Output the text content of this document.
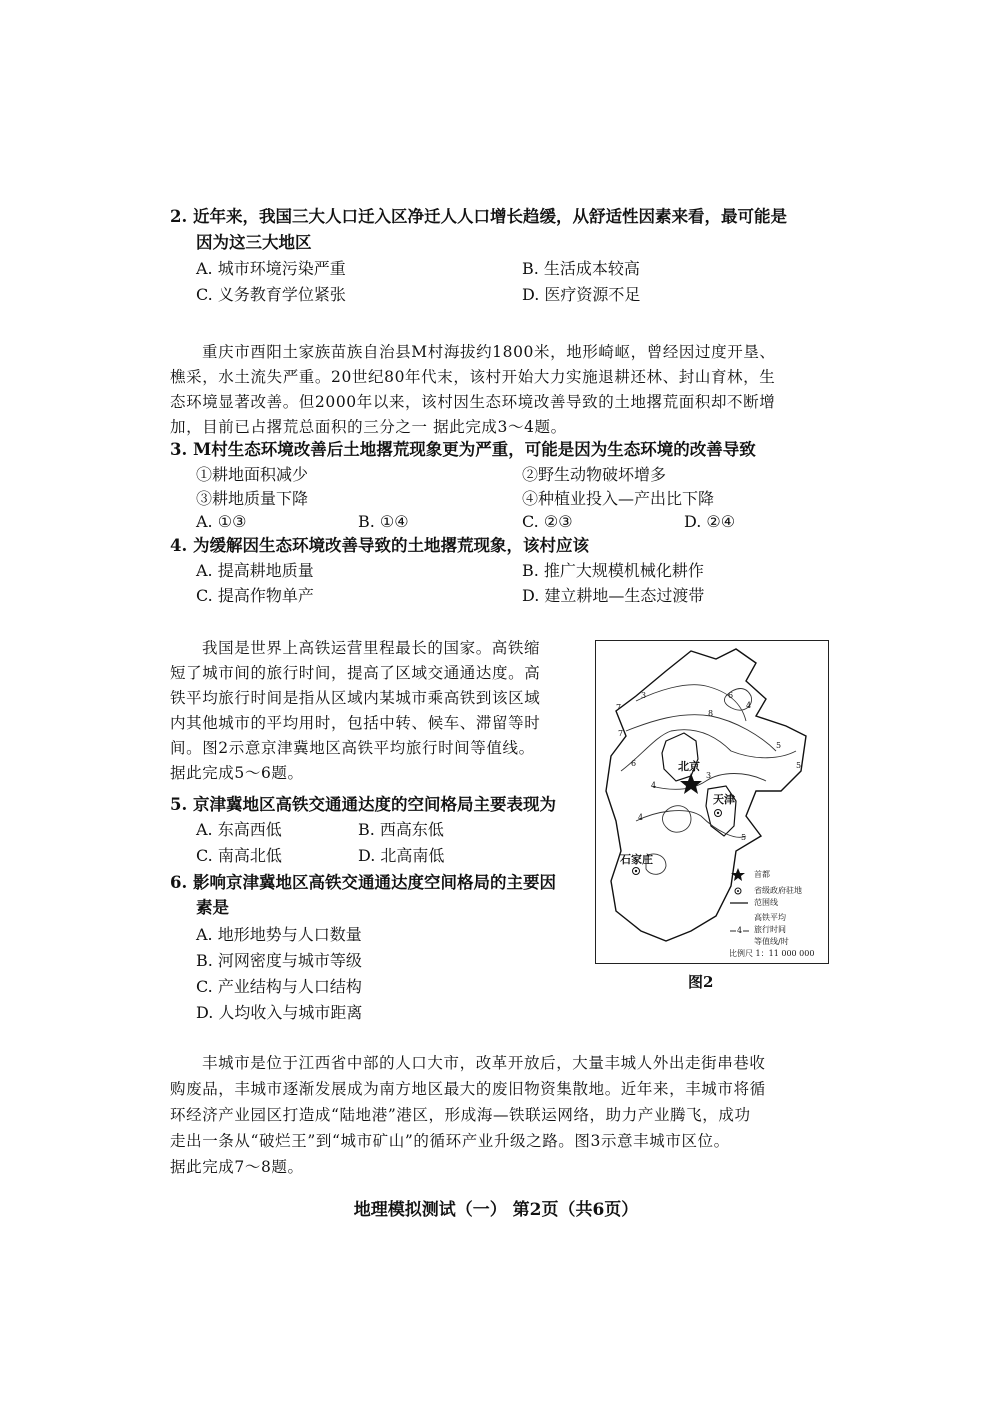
2. 近年来，我国三大人口迁入区净迁人人口增长趋缓，从舒适性因素来看，最可能是
因为这三大地区
A. 城市环境污染严重	B. 生活成本较高
C. 义务教育学位紧张	D. 医疗资源不足
重庆市酉阳土家族苗族自治县M村海拔约1800米，地形崎岖，曾经因过度开垦、
樵采，水土流失严重。20世纪80年代末，该村开始大力实施退耕还林、封山育林，生
态环境显著改善。但2000年以来，该村因生态环境改善导致的土地撂荒面积却不断增
加，目前已占撂荒总面积的三分之一 据此完成3～4题。
3. M村生态环境改善后土地撂荒现象更为严重，可能是因为生态环境的改善导致
①耕地面积减少	②野生动物破坏增多
③耕地质量下降	④种植业投入—产出比下降
A. ①③	B. ①④	C. ②③	D. ②④
4. 为缓解因生态环境改善导致的土地撂荒现象，该村应该
A. 提高耕地质量	B. 推广大规模机械化耕作
C. 提高作物单产	D. 建立耕地—生态过渡带
我国是世界上高铁运营里程最长的国家。高铁缩
短了城市间的旅行时间，提高了区域交通通达度。高
铁平均旅行时间是指从区域内某城市乘高铁到该区域
内其他城市的平均用时，包括中转、候车、滞留等时
间。图2示意京津冀地区高铁平均旅行时间等值线。
据此完成5～6题。
5. 京津冀地区高铁交通通达度的空间格局主要表现为
A. 东高西低	B. 西高东低
C. 南高北低	D. 北高南低
6. 影响京津冀地区高铁交通通达度空间格局的主要因
素是
A. 地形地势与人口数量
B. 河网密度与城市等级
C. 产业结构与人口结构
D. 人均收入与城市距离
北京
天津
石家庄
3
4
5
6
7
8
7
6	5
4
3
4
5
首都
省级政府驻地
范围线
高铁平均
4 旅行时间
等值线/时
比例尺 1：11 000 000
图2
丰城市是位于江西省中部的人口大市，改革开放后，大量丰城人外出走街串巷收
购废品，丰城市逐渐发展成为南方地区最大的废旧物资集散地。近年来，丰城市将循
环经济产业园区打造成“陆地港”港区，形成海—铁联运网络，助力产业腾飞，成功
走出一条从“破烂王”到“城市矿山”的循环产业升级之路。图3示意丰城市区位。
据此完成7～8题。
地理模拟测试（一） 第2页（共6页）
